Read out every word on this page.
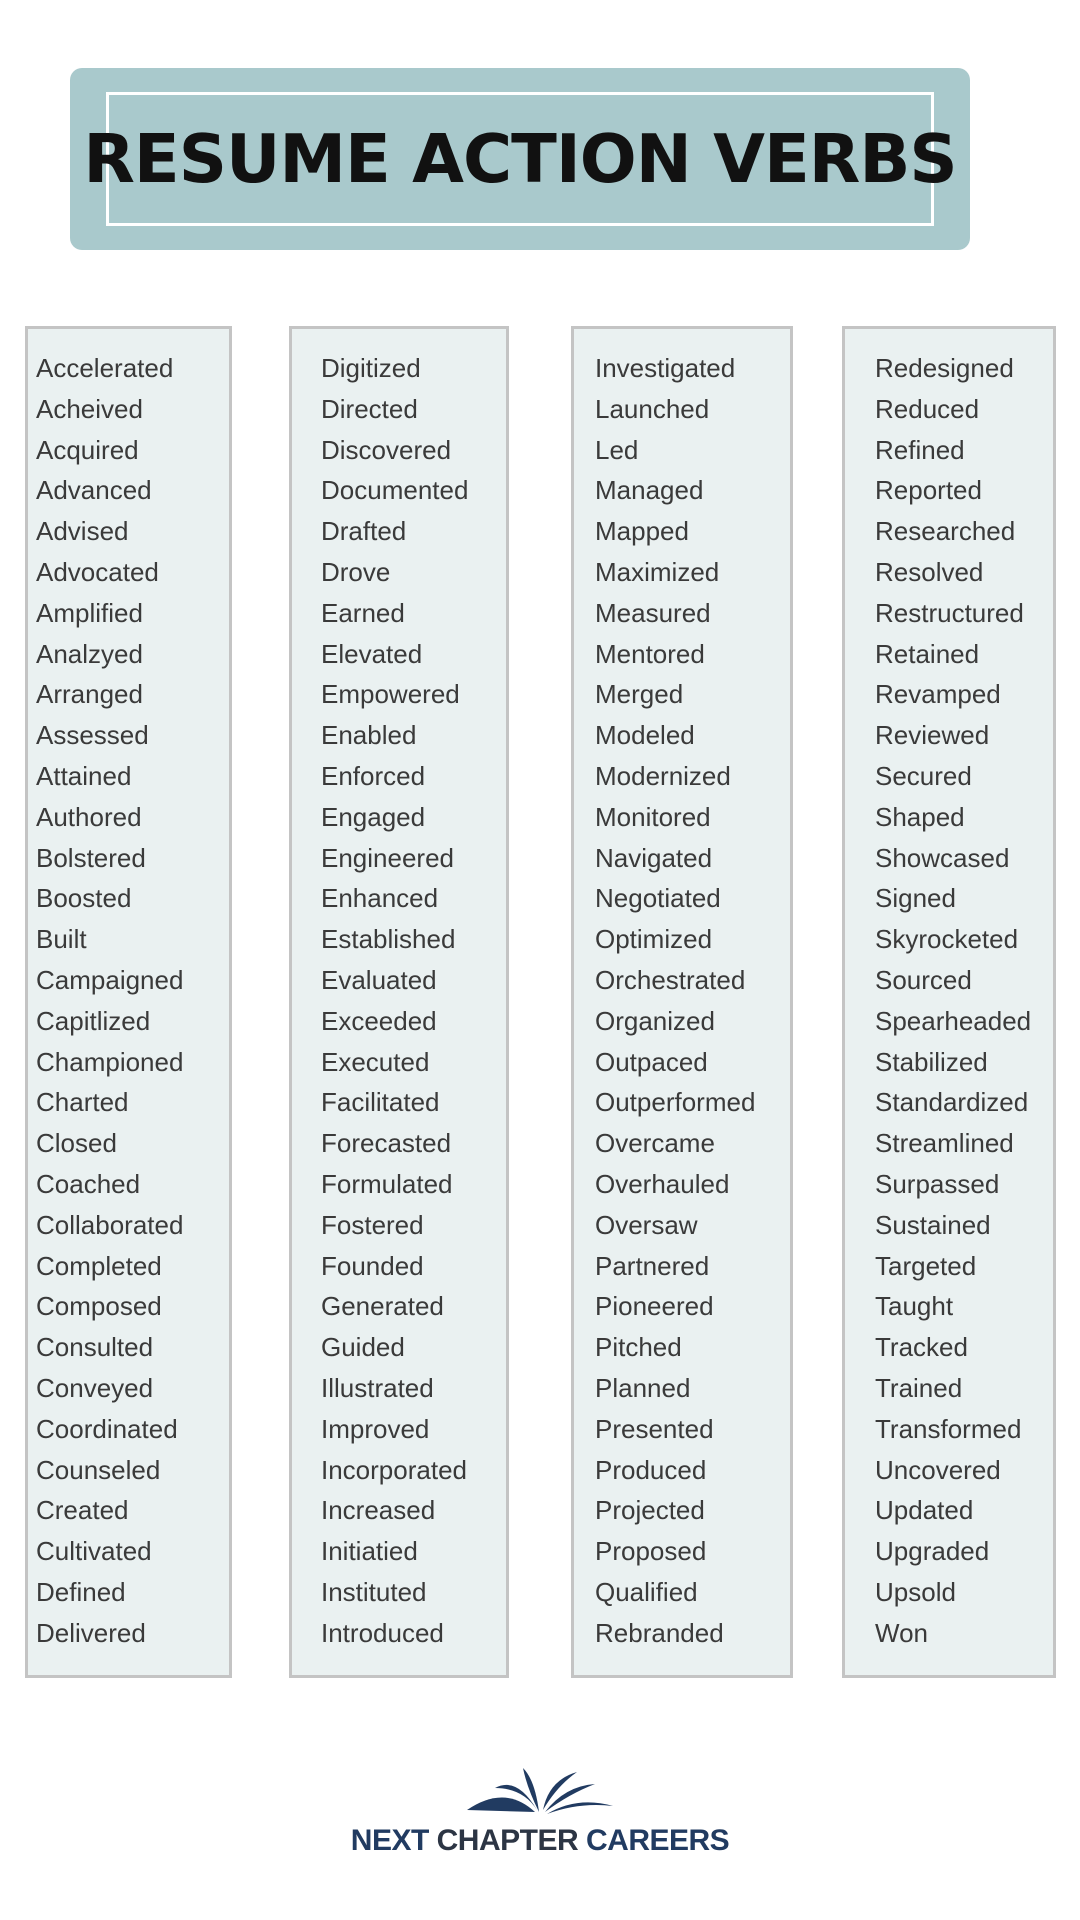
RESUME ACTION VERBS
Accelerated
Acheived
Acquired
Advanced
Advised
Advocated
Amplified
Analzyed
Arranged
Assessed
Attained
Authored
Bolstered
Boosted
Built
Campaigned
Capitlized
Championed
Charted
Closed
Coached
Collaborated
Completed
Composed
Consulted
Conveyed
Coordinated
Counseled
Created
Cultivated
Defined
Delivered
Digitized
Directed
Discovered
Documented
Drafted
Drove
Earned
Elevated
Empowered
Enabled
Enforced
Engaged
Engineered
Enhanced
Established
Evaluated
Exceeded
Executed
Facilitated
Forecasted
Formulated
Fostered
Founded
Generated
Guided
Illustrated
Improved
Incorporated
Increased
Initiatied
Instituted
Introduced
Investigated
Launched
Led
Managed
Mapped
Maximized
Measured
Mentored
Merged
Modeled
Modernized
Monitored
Navigated
Negotiated
Optimized
Orchestrated
Organized
Outpaced
Outperformed
Overcame
Overhauled
Oversaw
Partnered
Pioneered
Pitched
Planned
Presented
Produced
Projected
Proposed
Qualified
Rebranded
Redesigned
Reduced
Refined
Reported
Researched
Resolved
Restructured
Retained
Revamped
Reviewed
Secured
Shaped
Showcased
Signed
Skyrocketed
Sourced
Spearheaded
Stabilized
Standardized
Streamlined
Surpassed
Sustained
Targeted
Taught
Tracked
Trained
Transformed
Uncovered
Updated
Upgraded
Upsold
Won
NEXT CHAPTER CAREERS
